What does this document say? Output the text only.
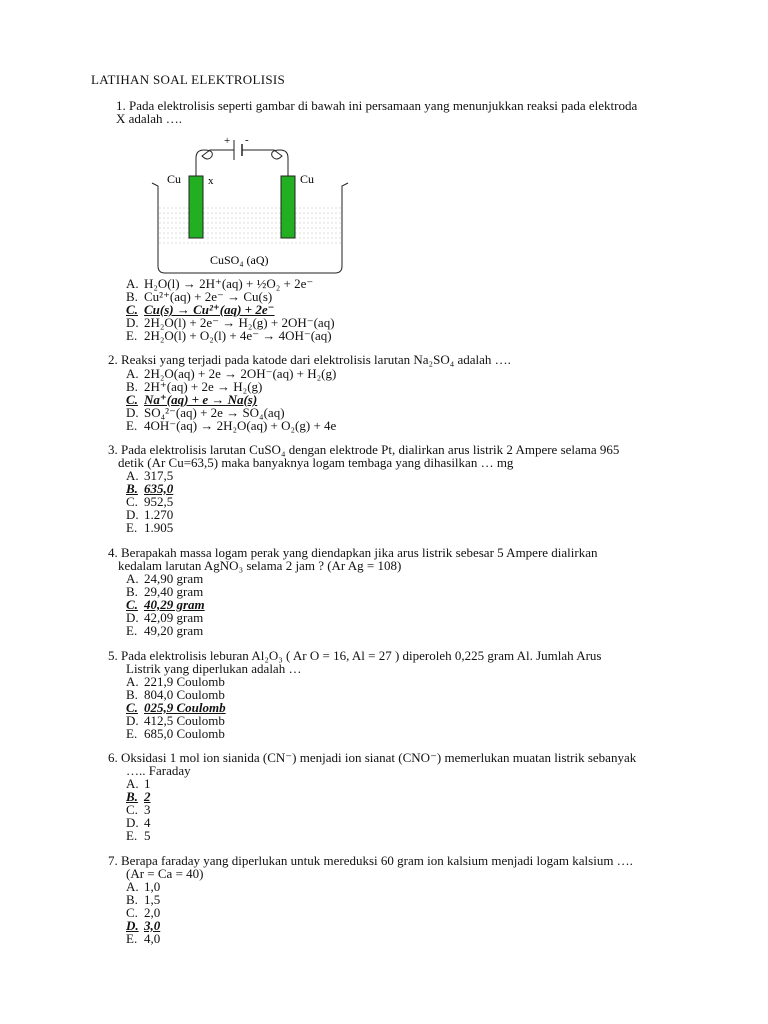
LATIHAN SOAL ELEKTROLISIS

1. Pada elektrolisis seperti gambar di bawah ini persamaan yang menunjukkan reaksi pada elektroda
X adalah ….

+ -
Cu x	Cu
CuSO₄ (aQ)
A. H₂O(l) → 2H⁺(aq) + ½O₂ + 2e⁻
B. Cu²⁺(aq) + 2e⁻ → Cu(s)
C. Cu(s) → Cu²⁺(aq) + 2e⁻
D. 2H₂O(l) + 2e⁻ → H₂(g) + 2OH⁻(aq)
E. 2H₂O(l) + O₂(l) + 4e⁻ → 4OH⁻(aq)

2. Reaksi yang terjadi pada katode dari elektrolisis larutan Na₂SO₄ adalah ….

A. 2H₂O(aq) + 2e → 2OH⁻(aq) + H₂(g)
B. 2H⁺(aq) + 2e → H₂(g)
C. Na⁺(aq) + e → Na(s)
D. SO₄²⁻(aq) + 2e → SO₄(aq)
E. 4OH⁻(aq) → 2H₂O(aq) + O₂(g) + 4e

3. Pada elektrolisis larutan CuSO₄ dengan elektrode Pt, dialirkan arus listrik 2 Ampere selama 965
detik (Ar Cu=63,5) maka banyaknya logam tembaga yang dihasilkan … mg

A. 317,5
B. 635,0
C. 952,5
D. 1.270
E. 1.905

4. Berapakah massa logam perak yang diendapkan jika arus listrik sebesar 5 Ampere dialirkan
kedalam larutan AgNO₃ selama 2 jam ? (Ar Ag = 108)

A. 24,90 gram
B. 29,40 gram
C. 40,29 gram
D. 42,09 gram
E. 49,20 gram

5. Pada elektrolisis leburan Al₂O₃ ( Ar O = 16, Al = 27 ) diperoleh 0,225 gram Al. Jumlah Arus
Listrik yang diperlukan adalah …

A. 221,9 Coulomb
B. 804,0 Coulomb
C. 025,9 Coulomb
D. 412,5 Coulomb
E. 685,0 Coulomb

6. Oksidasi 1 mol ion sianida (CN⁻) menjadi ion sianat (CNO⁻) memerlukan muatan listrik sebanyak
….. Faraday

A. 1
B. 2
C. 3
D. 4
E. 5

7. Berapa faraday yang diperlukan untuk mereduksi 60 gram ion kalsium menjadi logam kalsium ….
(Ar = Ca = 40)

A. 1,0
B. 1,5
C. 2,0
D. 3,0
E. 4,0
